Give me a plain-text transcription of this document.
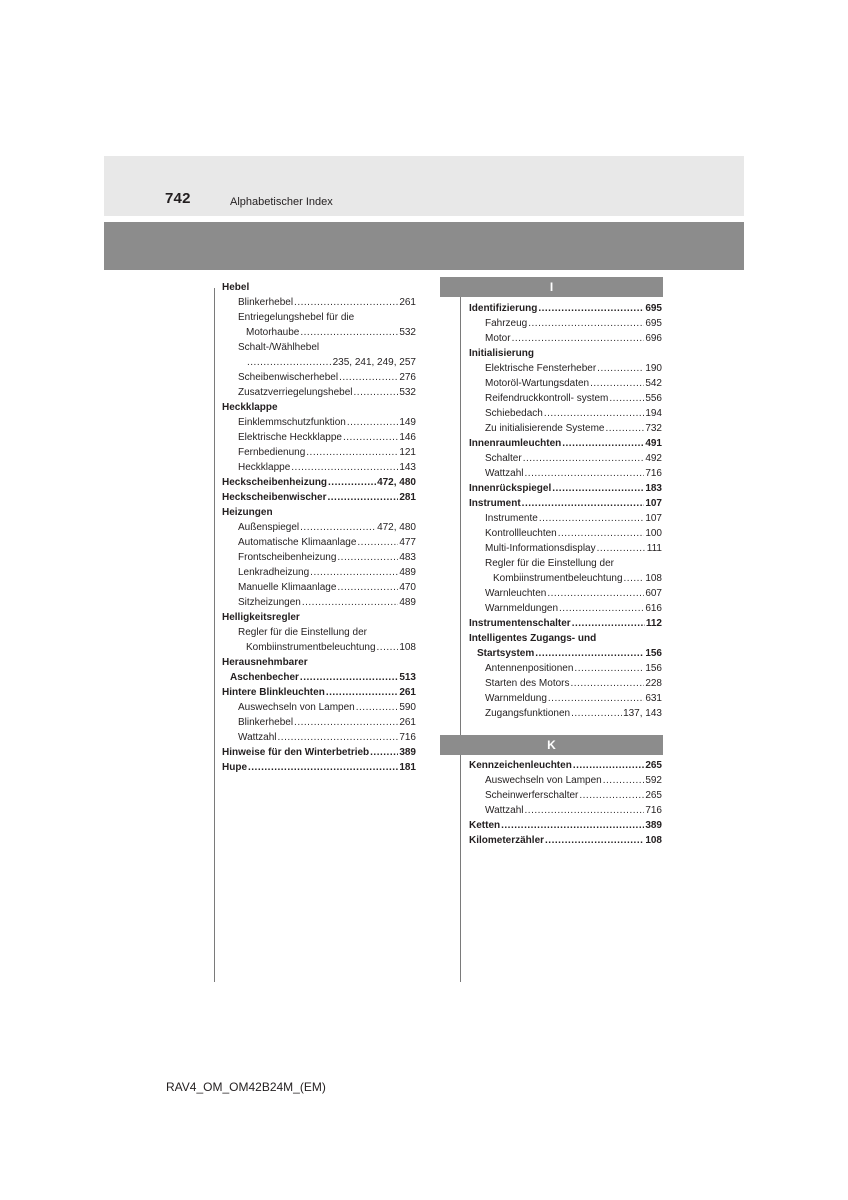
742	Alphabetischer Index
Hebel
Blinkerhebel .....	261
Entriegelungshebel für die
Motorhaube .....	532
Schalt-/Wählhebel
.....
235, 241, 249, 257
Scheibenwischerhebel .....	276
Zusatzverriegelungshebel .....	532
Heckklappe
Einklemmschutzfunktion .....	149
Elektrische Heckklappe .....	146
Fernbedienung .....	121
Heckklappe .....	143
Heckscheibenheizung .....	472, 480
Heckscheibenwischer .....	281
Heizungen
Außenspiegel .....	472, 480
Automatische Klimaanlage .....	477
Frontscheibenheizung .....	483
Lenkradheizung .....	489
Manuelle Klimaanlage .....	470
Sitzheizungen .....	489
Helligkeitsregler
Regler für die Einstellung der
Kombiinstrumentbeleuchtung ..... 108
Herausnehmbarer
Aschenbecher .....	513
Hintere Blinkleuchten .....	261
Auswechseln von Lampen .....	590
Blinkerhebel .....	261
Wattzahl .....	716
Hinweise für den Winterbetrieb .....	389
Hupe .....	181
I
Identifizierung .....	695
Fahrzeug .....	695
Motor .....	696
Initialisierung
Elektrische Fensterheber .....	190
Motoröl-Wartungsdaten .....	542
Reifendruckkontroll- system .....	556
Schiebedach .....	194
Zu initialisierende Systeme .....	732
Innenraumleuchten .....	491
Schalter .....	492
Wattzahl .....	716
Innenrückspiegel .....	183
Instrument .....	107
Instrumente .....	107
Kontrollleuchten .....	100
Multi-Informationsdisplay .....	111
Regler für die Einstellung der
Kombiinstrumentbeleuchtung ..... 108
Warnleuchten .....	607
Warnmeldungen .....	616
Instrumentenschalter .....	112
Intelligentes Zugangs- und
Startsystem .....	156
Antennenpositionen .....	156
Starten des Motors .....	228
Warnmeldung .....	631
Zugangsfunktionen .....	137, 143
K
Kennzeichenleuchten .....	265
Auswechseln von Lampen .....	592
Scheinwerferschalter .....	265
Wattzahl .....	716
Ketten .....	389
Kilometerzähler .....	108
RAV4_OM_OM42B24M_(EM)
